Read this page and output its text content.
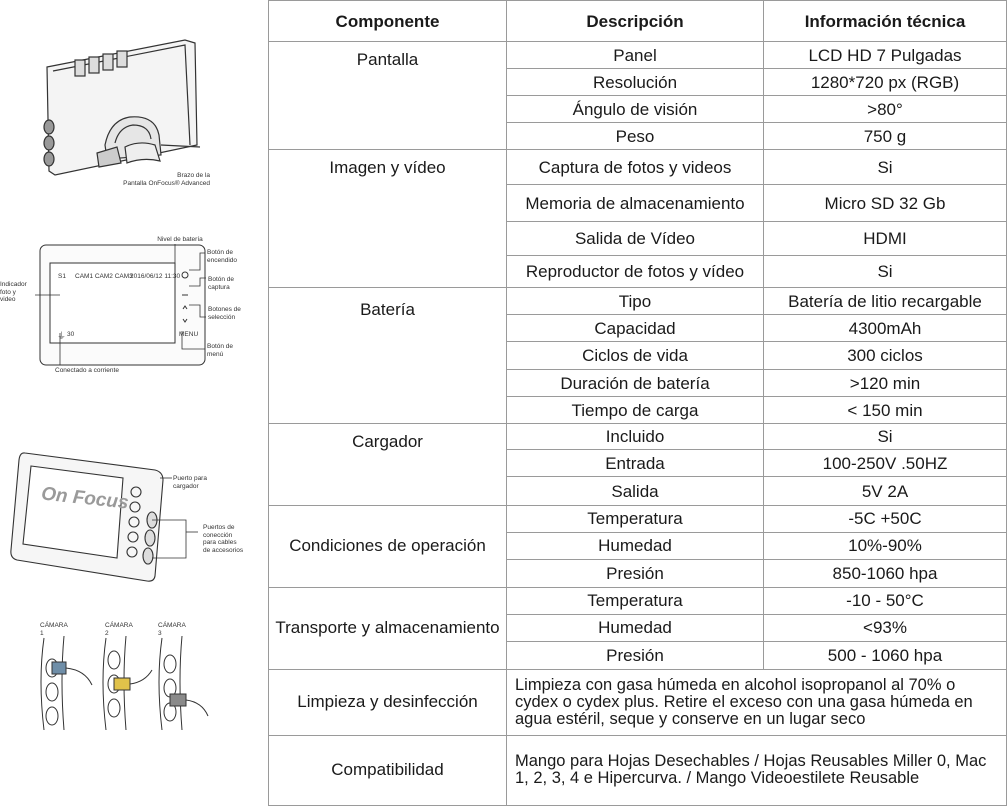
Brazo de la
Pantalla OnFocus® Advanced
S1 CAM1 CAM2 CAM3
2016/06/12 11:30
MENU
30
⏚
Nivel de batería
Botón de
encendido
Botón de
captura
Botones de
selección
Botón de
menú
Indicador
foto y
video
Conectado a corriente
On Focus
Puerto para
cargador
Puertos de
conección
para cables
de accesorios
CÁMARA 1
CÁMARA 2
CÁMARA 3
Componente	Descripción	Información técnica
Pantalla	Panel	LCD HD 7 Pulgadas
	Resolución	1280*720 px (RGB)
	Ángulo de visión	>80°
	Peso	750 g
Imagen y vídeo	Captura de fotos y videos	Si
	Memoria de almacenamiento	Micro SD 32 Gb
	Salida de Vídeo	HDMI
	Reproductor de fotos y vídeo	Si
Batería	Tipo	Batería de litio recargable
	Capacidad	4300mAh
	Ciclos de vida	300 ciclos
	Duración de batería	>120 min
	Tiempo de carga	< 150 min
Cargador	Incluido	Si
	Entrada	100-250V .50HZ
	Salida	5V 2A
Condiciones de operación	Temperatura	-5C +50C
	Humedad	10%-90%
	Presión	850-1060 hpa
Transporte y almacenamiento	Temperatura	-10 - 50°C
	Humedad	<93%
	Presión	500 - 1060 hpa
Limpieza y desinfección	Limpieza con gasa húmeda en alcohol isopropanol al 70% o cydex o cydex plus. Retire el exceso con una gasa húmeda en agua estéril, seque y conserve en un lugar seco	
Compatibilidad	Mango para Hojas Desechables / Hojas Reusables Miller 0, Mac 1, 2, 3, 4 e Hipercurva. / Mango Videoestilete Reusable	
